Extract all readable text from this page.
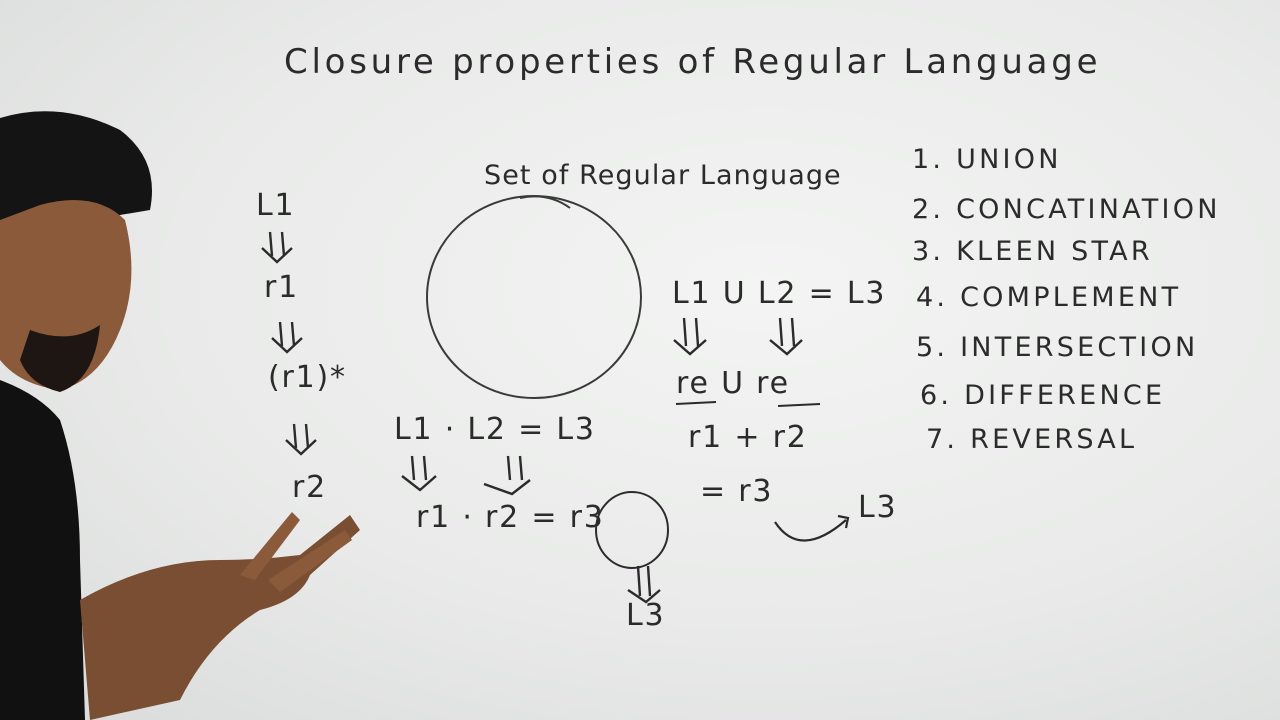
Closure properties of Regular Language
Set of Regular Language
L1
r1
(r1)*
r2
L1 · L2 = L3
r1 · r2 = r3
L3
L1 U L2 = L3
re U re
r1 + r2
= r3	L3
1. UNION
2. CONCATINATION
3. KLEEN STAR
4. COMPLEMENT
5. INTERSECTION
6. DIFFERENCE
7. REVERSAL
